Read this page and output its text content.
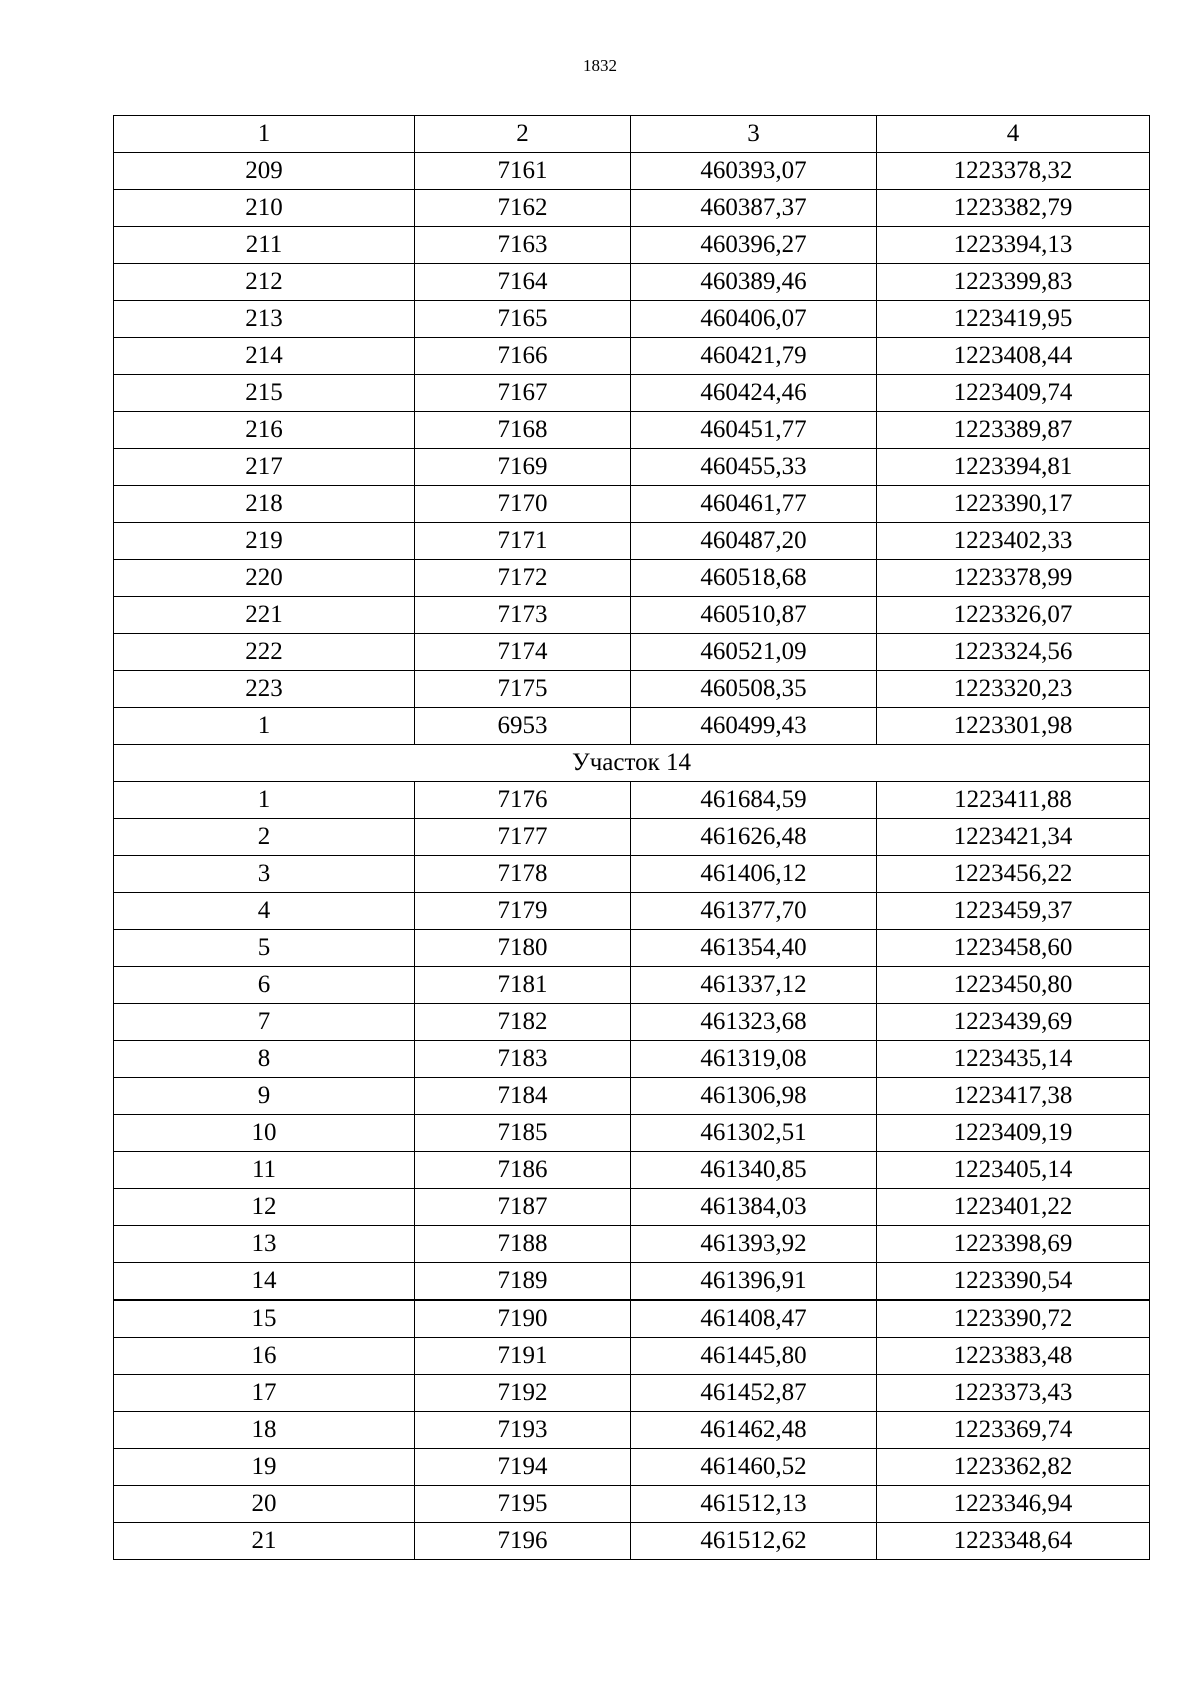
1832
1	2	3	4
209	7161	460393,07	1223378,32
210	7162	460387,37	1223382,79
211	7163	460396,27	1223394,13
212	7164	460389,46	1223399,83
213	7165	460406,07	1223419,95
214	7166	460421,79	1223408,44
215	7167	460424,46	1223409,74
216	7168	460451,77	1223389,87
217	7169	460455,33	1223394,81
218	7170	460461,77	1223390,17
219	7171	460487,20	1223402,33
220	7172	460518,68	1223378,99
221	7173	460510,87	1223326,07
222	7174	460521,09	1223324,56
223	7175	460508,35	1223320,23
1	6953	460499,43	1223301,98
Участок 14			
1	7176	461684,59	1223411,88
2	7177	461626,48	1223421,34
3	7178	461406,12	1223456,22
4	7179	461377,70	1223459,37
5	7180	461354,40	1223458,60
6	7181	461337,12	1223450,80
7	7182	461323,68	1223439,69
8	7183	461319,08	1223435,14
9	7184	461306,98	1223417,38
10	7185	461302,51	1223409,19
11	7186	461340,85	1223405,14
12	7187	461384,03	1223401,22
13	7188	461393,92	1223398,69
14	7189	461396,91	1223390,54
15	7190	461408,47	1223390,72
16	7191	461445,80	1223383,48
17	7192	461452,87	1223373,43
18	7193	461462,48	1223369,74
19	7194	461460,52	1223362,82
20	7195	461512,13	1223346,94
21	7196	461512,62	1223348,64
